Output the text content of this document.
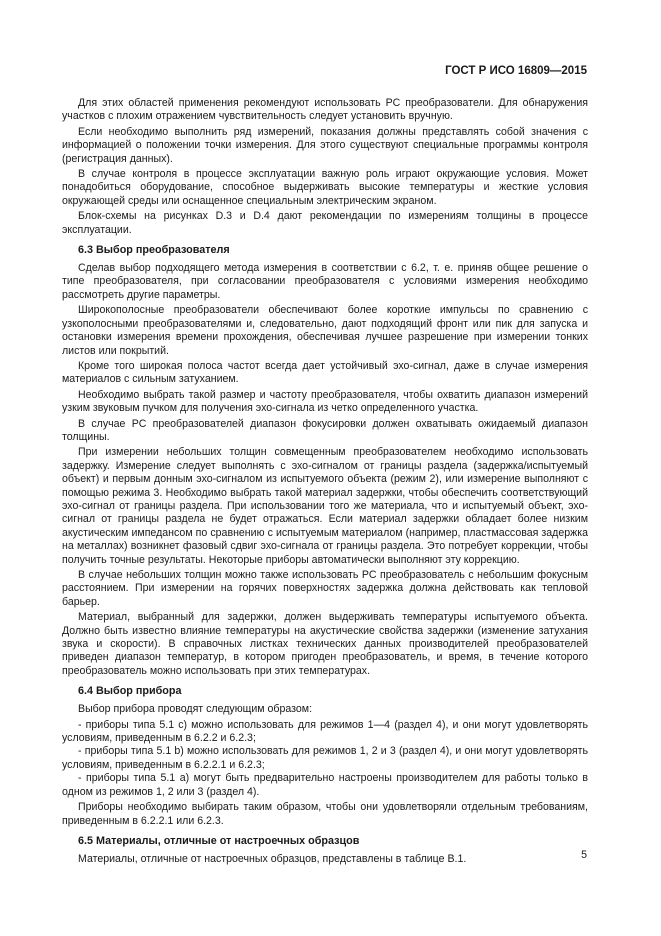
ГОСТ Р ИСО 16809—2015

Для этих областей применения рекомендуют использовать РС преобразователи. Для обнаружения участков с плохим отражением чувствительность следует установить вручную.

Если необходимо выполнить ряд измерений, показания должны представлять собой значения с информацией о положении точки измерения. Для этого существуют специальные программы контроля (регистрация данных).

В случае контроля в процессе эксплуатации важную роль играют окружающие условия. Может понадобиться оборудование, способное выдерживать высокие температуры и жесткие условия окружающей среды или оснащенное специальным электрическим экраном.

Блок-схемы на рисунках D.3 и D.4 дают рекомендации по измерениям толщины в процессе эксплуатации.

6.3 Выбор преобразователя

Сделав выбор подходящего метода измерения в соответствии с 6.2, т. е. приняв общее решение о типе преобразователя, при согласовании преобразователя с условиями измерения необходимо рассмотреть другие параметры.

Широкополосные преобразователи обеспечивают более короткие импульсы по сравнению с узкополосными преобразователями и, следовательно, дают подходящий фронт или пик для запуска и остановки измерения времени прохождения, обеспечивая лучшее разрешение при измерении тонких листов или покрытий.

Кроме того широкая полоса частот всегда дает устойчивый эхо-сигнал, даже в случае измерения материалов с сильным затуханием.

Необходимо выбрать такой размер и частоту преобразователя, чтобы охватить диапазон измерений узким звуковым пучком для получения эхо-сигнала из четко определенного участка.

В случае РС преобразователей диапазон фокусировки должен охватывать ожидаемый диапазон толщины.

При измерении небольших толщин совмещенным преобразователем необходимо использовать задержку. Измерение следует выполнять с эхо-сигналом от границы раздела (задержка/испытуемый объект) и первым донным эхо-сигналом из испытуемого объекта (режим 2), или измерение выполняют с помощью режима 3. Необходимо выбрать такой материал задержки, чтобы обеспечить соответствующий эхо-сигнал от границы раздела. При использовании того же материала, что и испытуемый объект, эхо-сигнал от границы раздела не будет отражаться. Если материал задержки обладает более низким акустическим импедансом по сравнению с испытуемым материалом (например, пластмассовая задержка на металлах) возникнет фазовый сдвиг эхо-сигнала от границы раздела. Это потребует коррекции, чтобы получить точные результаты. Некоторые приборы автоматически выполняют эту коррекцию.

В случае небольших толщин можно также использовать РС преобразователь с небольшим фокусным расстоянием. При измерении на горячих поверхностях задержка должна действовать как тепловой барьер.

Материал, выбранный для задержки, должен выдерживать температуры испытуемого объекта. Должно быть известно влияние температуры на акустические свойства задержки (изменение затухания звука и скорости). В справочных листках технических данных производителей преобразователей приведен диапазон температур, в котором пригоден преобразователь, и время, в течение которого преобразователь можно использовать при этих температурах.

6.4 Выбор прибора

Выбор прибора проводят следующим образом:

- приборы типа 5.1 с) можно использовать для режимов 1—4 (раздел 4), и они могут удовлетворять условиям, приведенным в 6.2.2 и 6.2.3;
- приборы типа 5.1 b) можно использовать для режимов 1, 2 и 3 (раздел 4), и они могут удовлетворять условиям, приведенным в 6.2.2.1 и 6.2.3;
- приборы типа 5.1 а) могут быть предварительно настроены производителем для работы только в одном из режимов 1, 2 или 3 (раздел 4).

Приборы необходимо выбирать таким образом, чтобы они удовлетворяли отдельным требованиям, приведенным в 6.2.2.1 или 6.2.3.

6.5 Материалы, отличные от настроечных образцов

Материалы, отличные от настроечных образцов, представлены в таблице В.1.	5
